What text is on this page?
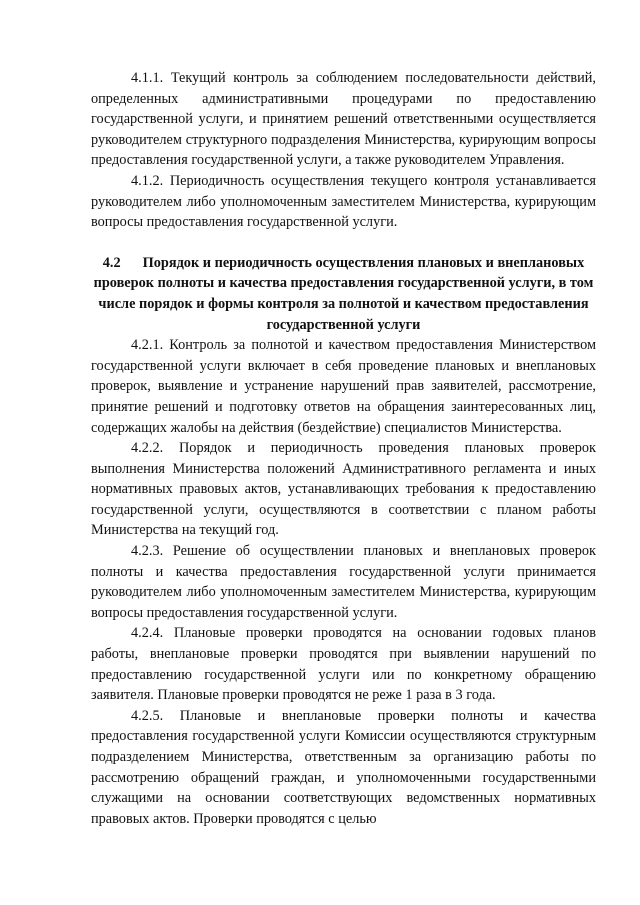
4.1.1. Текущий контроль за соблюдением последовательности действий, определенных административными процедурами по предоставлению государственной услуги, и принятием решений ответственными осуществляется руководителем структурного подразделения Министерства, курирующим вопросы предоставления государственной услуги, а также руководителем Управления.

4.1.2. Периодичность осуществления текущего контроля устанавливается руководителем либо уполномоченным заместителем Министерства, курирующим вопросы предоставления государственной услуги.

4.2 Порядок и периодичность осуществления плановых и внеплановых проверок полноты и качества предоставления государственной услуги, в том числе порядок и формы контроля за полнотой и качеством предоставления государственной услуги

4.2.1. Контроль за полнотой и качеством предоставления Министерством государственной услуги включает в себя проведение плановых и внеплановых проверок, выявление и устранение нарушений прав заявителей, рассмотрение, принятие решений и подготовку ответов на обращения заинтересованных лиц, содержащих жалобы на действия (бездействие) специалистов Министерства.

4.2.2. Порядок и периодичность проведения плановых проверок выполнения Министерства положений Административного регламента и иных нормативных правовых актов, устанавливающих требования к предоставлению государственной услуги, осуществляются в соответствии с планом работы Министерства на текущий год.

4.2.3. Решение об осуществлении плановых и внеплановых проверок полноты и качества предоставления государственной услуги принимается руководителем либо уполномоченным заместителем Министерства, курирующим вопросы предоставления государственной услуги.

4.2.4. Плановые проверки проводятся на основании годовых планов работы, внеплановые проверки проводятся при выявлении нарушений по предоставлению государственной услуги или по конкретному обращению заявителя. Плановые проверки проводятся не реже 1 раза в 3 года.

4.2.5. Плановые и внеплановые проверки полноты и качества предоставления государственной услуги Комиссии осуществляются структурным подразделением Министерства, ответственным за организацию работы по рассмотрению обращений граждан, и уполномоченными государственными служащими на основании соответствующих ведомственных нормативных правовых актов. Проверки проводятся с целью
